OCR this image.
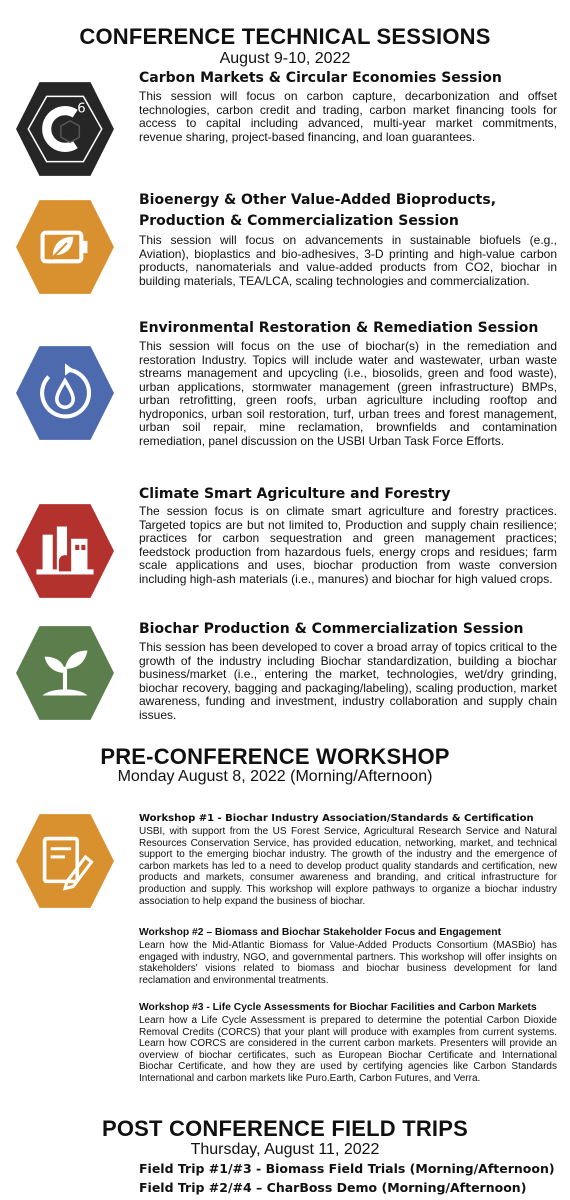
CONFERENCE TECHNICAL SESSIONS
August 9-10, 2022
6
Carbon Markets & Circular Economies Session
This session will focus on carbon capture, decarbonization and offset technologies, carbon credit and trading, carbon market financing tools for access to capital including advanced, multi-year market commitments, revenue sharing, project-based financing, and loan guarantees.
Bioenergy & Other Value-Added Bioproducts,
Production & Commercialization Session
This session will focus on advancements in sustainable biofuels (e.g., Aviation), bioplastics and bio-adhesives, 3-D printing and high-value carbon products, nanomaterials and value-added products from CO2, biochar in building materials, TEA/LCA, scaling technologies and commercialization.
Environmental Restoration & Remediation Session
This session will focus on the use of biochar(s) in the remediation and restoration Industry. Topics will include water and wastewater, urban waste streams management and upcycling (i.e., biosolids, green and food waste), urban applications, stormwater management (green infrastructure) BMPs, urban retrofitting, green roofs, urban agriculture including rooftop and hydroponics, urban soil restoration, turf, urban trees and forest management, urban soil repair, mine reclamation, brownfields and contamination remediation, panel discussion on the USBI Urban Task Force Efforts.
Climate Smart Agriculture and Forestry
The session focus is on climate smart agriculture and forestry practices. Targeted topics are but not limited to, Production and supply chain resilience; practices for carbon sequestration and green management practices; feedstock production from hazardous fuels, energy crops and residues; farm scale applications and uses, biochar production from waste conversion including high-ash materials (i.e., manures) and biochar for high valued crops.
Biochar Production & Commercialization Session
This session has been developed to cover a broad array of topics critical to the growth of the industry including Biochar standardization, building a biochar business/market (i.e., entering the market, technologies, wet/dry grinding, biochar recovery, bagging and packaging/labeling), scaling production, market awareness, funding and investment, industry collaboration and supply chain issues.
PRE-CONFERENCE WORKSHOP
Monday August 8, 2022 (Morning/Afternoon)
Workshop #1 - Biochar Industry Association/Standards & Certification
USBI, with support from the US Forest Service, Agricultural Research Service and Natural Resources Conservation Service, has provided education, networking, market, and technical support to the emerging biochar industry. The growth of the industry and the emergence of carbon markets has led to a need to develop product quality standards and certification, new products and markets, consumer awareness and branding, and critical infrastructure for production and supply. This workshop will explore pathways to organize a biochar industry association to help expand the business of biochar.
Workshop #2 – Biomass and Biochar Stakeholder Focus and Engagement
Learn how the Mid-Atlantic Biomass for Value-Added Products Consortium (MASBio) has engaged with industry, NGO, and governmental partners. This workshop will offer insights on stakeholders' visions related to biomass and biochar business development for land reclamation and environmental treatments.
Workshop #3 - Life Cycle Assessments for Biochar Facilities and Carbon Markets
Learn how a Life Cycle Assessment is prepared to determine the potential Carbon Dioxide Removal Credits (CORCS) that your plant will produce with examples from current systems. Learn how CORCS are considered in the current carbon markets. Presenters will provide an overview of biochar certificates, such as European Biochar Certificate and International Biochar Certificate, and how they are used by certifying agencies like Carbon Standards International and carbon markets like Puro.Earth, Carbon Futures, and Verra.
POST CONFERENCE FIELD TRIPS
Thursday, August 11, 2022
Field Trip #1/#3 - Biomass Field Trials (Morning/Afternoon)
Field Trip #2/#4 – CharBoss Demo (Morning/Afternoon)
